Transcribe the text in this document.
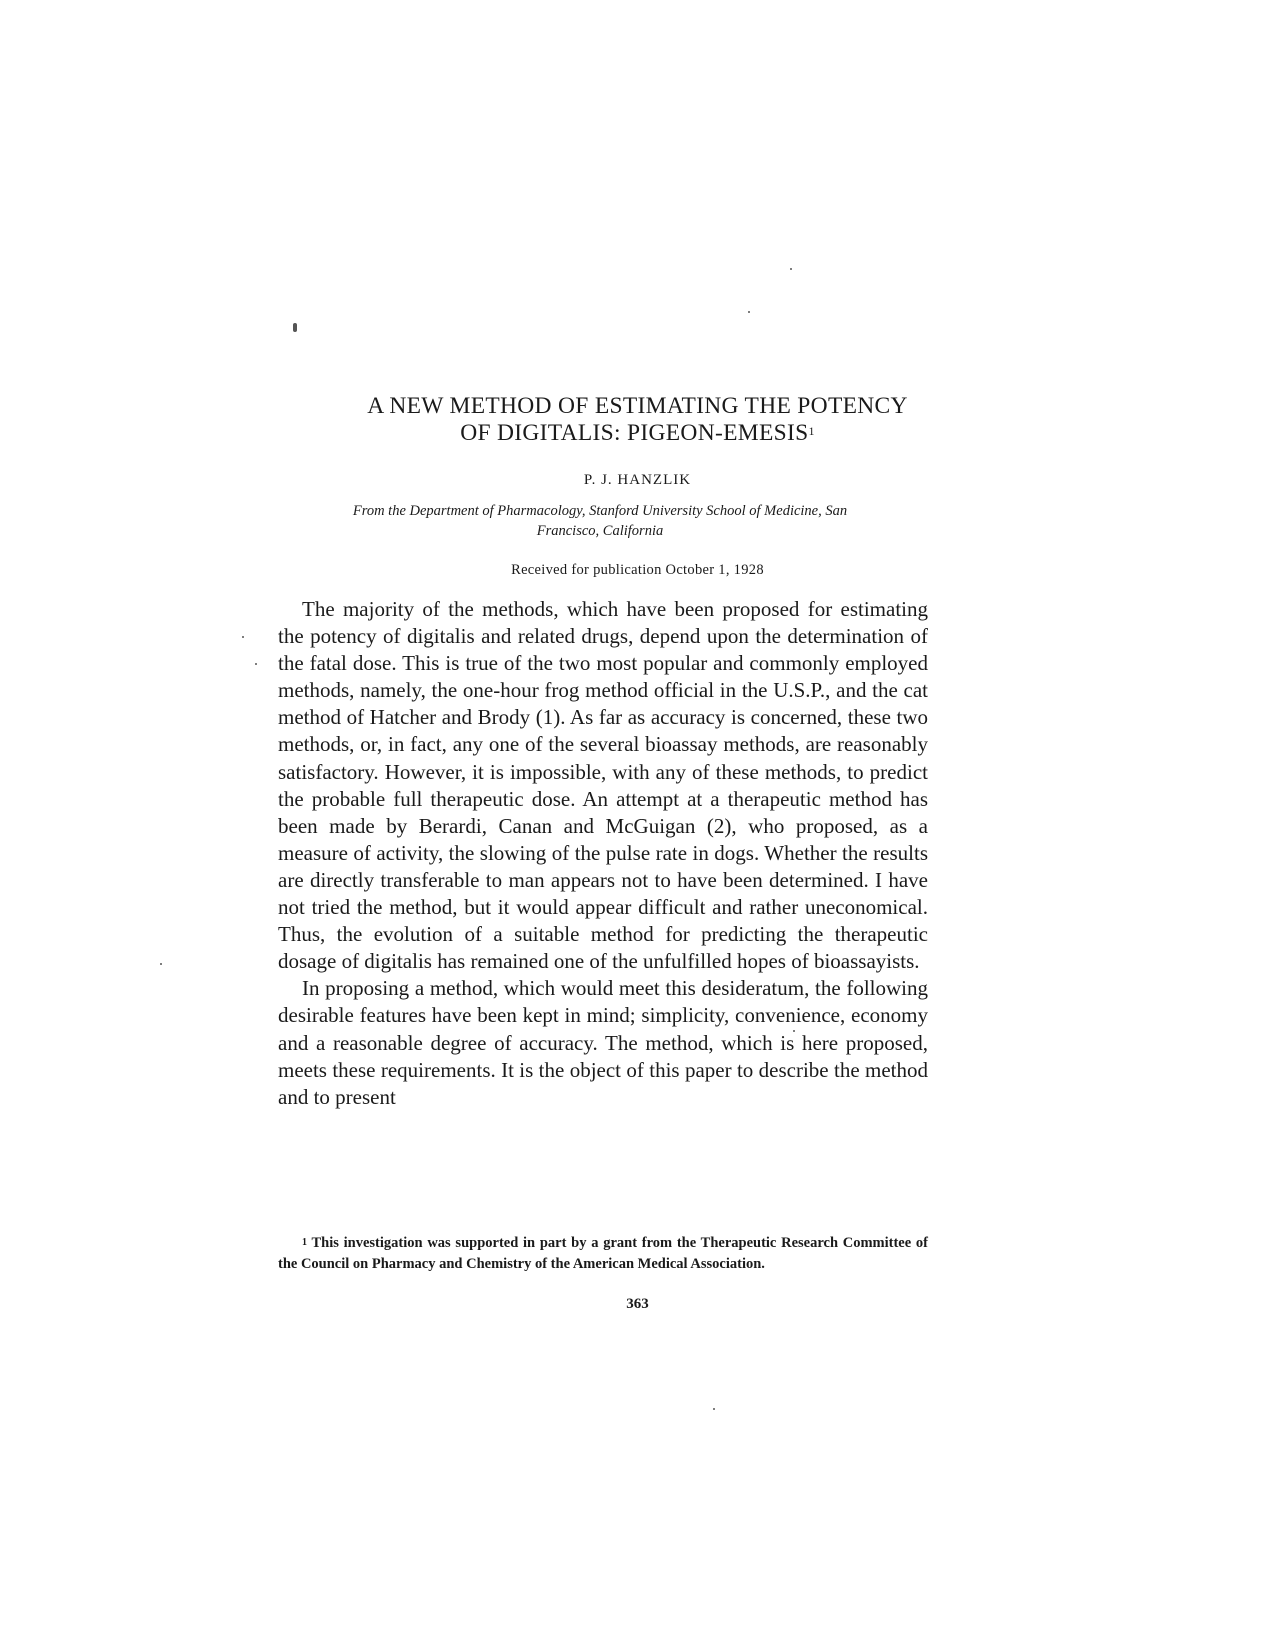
A NEW METHOD OF ESTIMATING THE POTENCY
OF DIGITALIS: PIGEON-EMESIS$^1$
P. J. HANZLIK
From the Department of Pharmacology, Stanford University School of Medicine, San
Francisco, California
Received for publication October 1, 1928

The majority of the methods, which have been proposed for estimating the potency of digitalis and related drugs, depend upon the determination of the fatal dose. This is true of the two most popular and commonly employed methods, namely, the one-hour frog method official in the U.S.P., and the cat method of Hatcher and Brody (1). As far as accuracy is concerned, these two methods, or, in fact, any one of the several bioassay methods, are reasonably satisfactory. However, it is impossible, with any of these methods, to predict the probable full therapeutic dose. An attempt at a therapeutic method has been made by Berardi, Canan and McGuigan (2), who proposed, as a measure of activity, the slowing of the pulse rate in dogs. Whether the results are directly transferable to man appears not to have been determined. I have not tried the method, but it would appear difficult and rather uneconomical. Thus, the evolution of a suitable method for predicting the therapeutic dosage of digitalis has remained one of the unfulfilled hopes of bioassayists.

In proposing a method, which would meet this desideratum, the following desirable features have been kept in mind; simplicity, convenience, economy and a reasonable degree of accuracy. The method, which is here proposed, meets these requirements. It is the object of this paper to describe the method and to present

$^1$ This investigation was supported in part by a grant from the Therapeutic Research Committee of the Council on Pharmacy and Chemistry of the American Medical Association.
363
